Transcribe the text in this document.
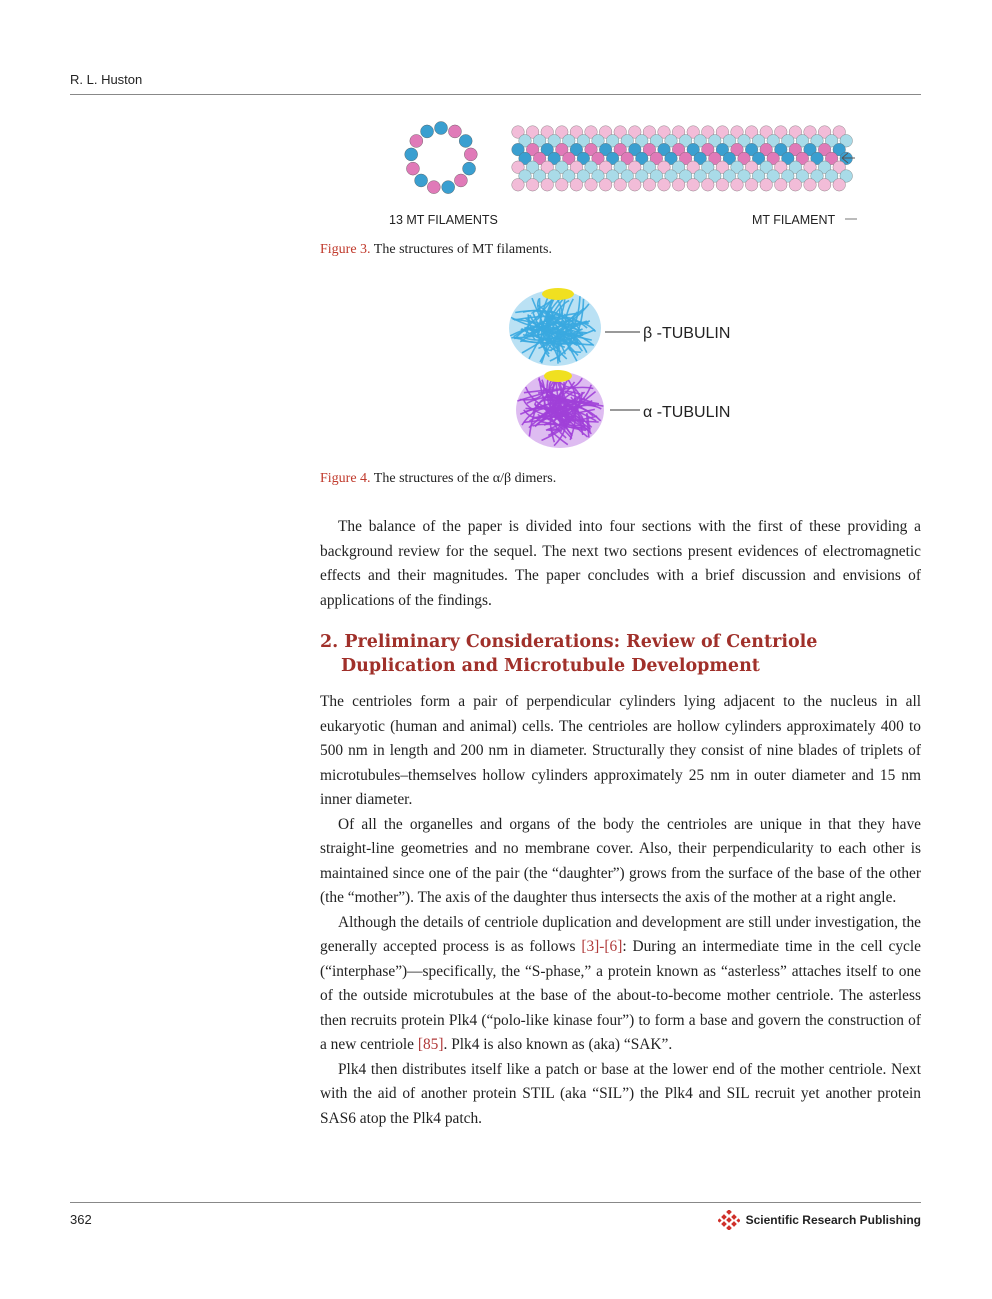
R. L. Huston
13 MT FILAMENTS	MT FILAMENT
Figure 3. The structures of MT filaments.
β -TUBULIN
α -TUBULIN
Figure 4. The structures of the α/β dimers.

The balance of the paper is divided into four sections with the first of these providing a background review for the sequel. The next two sections present evidences of electromagnetic effects and their magnitudes. The paper concludes with a brief discussion and envisions of applications of the findings.

2. Preliminary Considerations: Review of Centriole
Duplication and Microtubule Development

The centrioles form a pair of perpendicular cylinders lying adjacent to the nucleus in all eukaryotic (human and animal) cells. The centrioles are hollow cylinders approximately 400 to 500 nm in length and 200 nm in diameter. Structurally they consist of nine blades of triplets of microtubules–themselves hollow cylinders approximately 25 nm in outer diameter and 15 nm inner diameter.

Of all the organelles and organs of the body the centrioles are unique in that they have straight-line geometries and no membrane cover. Also, their perpendicularity to each other is maintained since one of the pair (the “daughter”) grows from the surface of the base of the other (the “mother”). The axis of the daughter thus intersects the axis of the mother at a right angle.

Although the details of centriole duplication and development are still under investigation, the generally accepted process is as follows [3]-[6]: During an intermediate time in the cell cycle (“interphase”)—specifically, the “S-phase,” a protein known as “asterless” attaches itself to one of the outside microtubules at the base of the about-to-become mother centriole. The asterless then recruits protein Plk4 (“polo-like kinase four”) to form a base and govern the construction of a new centriole [85]. Plk4 is also known as (aka) “SAK”.

Plk4 then distributes itself like a patch or base at the lower end of the mother centriole. Next with the aid of another protein STIL (aka “SIL”) the Plk4 and SIL recruit yet another protein SAS6 atop the Plk4 patch.

362	Scientific Research Publishing
